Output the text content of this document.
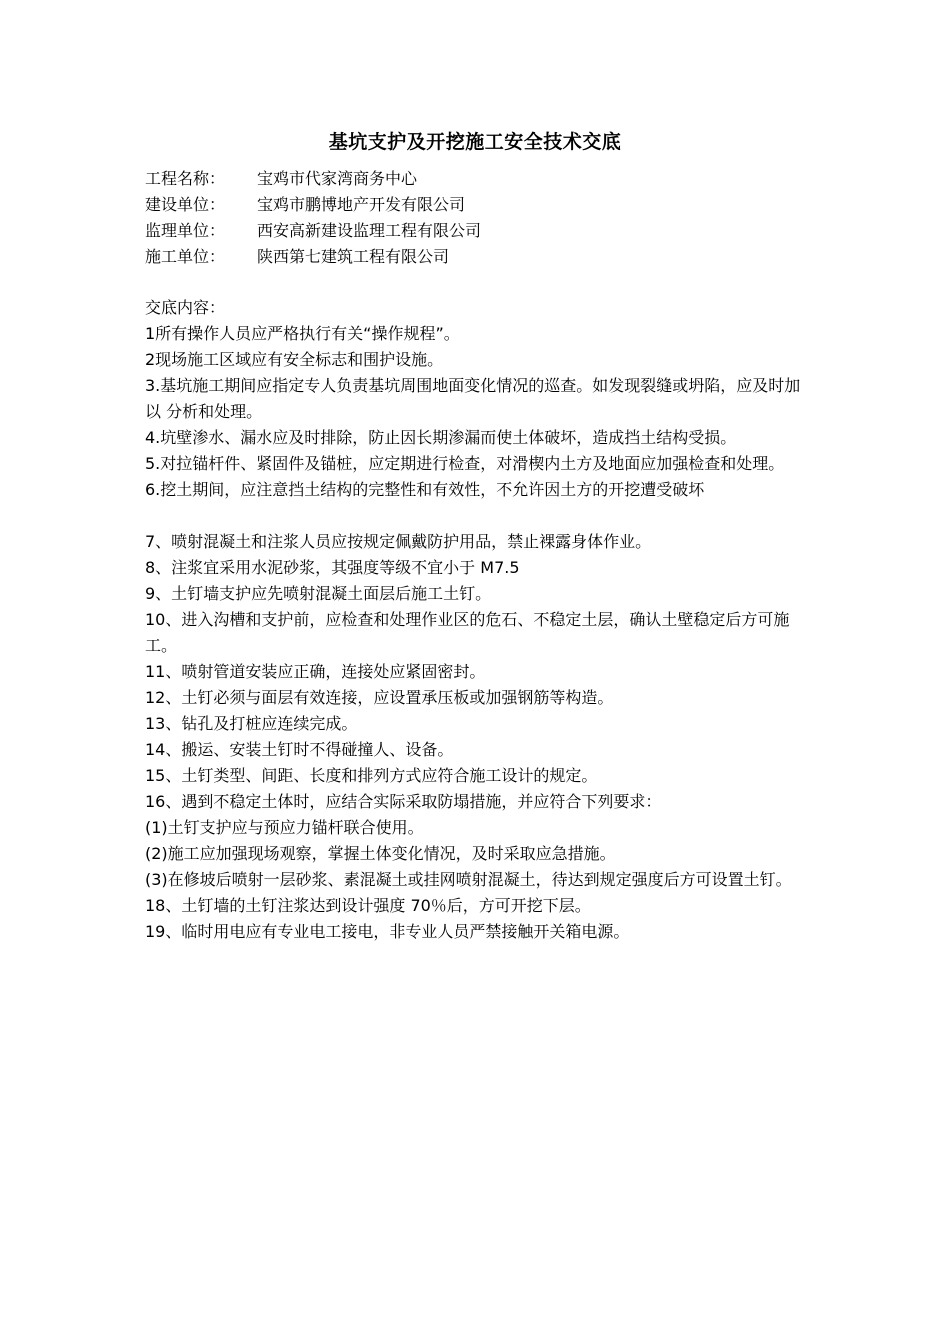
基坑支护及开挖施工安全技术交底
工程名称： 宝鸡市代家湾商务中心
建设单位： 宝鸡市鹏博地产开发有限公司
监理单位： 西安高新建设监理工程有限公司
施工单位： 陕西第七建筑工程有限公司

交底内容：

1所有操作人员应严格执行有关“操作规程”。

2现场施工区域应有安全标志和围护设施。

3.基坑施工期间应指定专人负责基坑周围地面变化情况的巡查。如发现裂缝或坍陷，应及时加以 分析和处理。

4.坑壁渗水、漏水应及时排除，防止因长期渗漏而使土体破坏，造成挡土结构受损。

5.对拉锚杆件、紧固件及锚桩，应定期进行检查，对滑楔内土方及地面应加强检查和处理。

6.挖土期间，应注意挡土结构的完整性和有效性，不允许因土方的开挖遭受破坏

7、喷射混凝土和注浆人员应按规定佩戴防护用品，禁止裸露身体作业。

8、注浆宜采用水泥砂浆，其强度等级不宜小于 M7.5

9、土钉墙支护应先喷射混凝土面层后施工土钉。

10、进入沟槽和支护前，应检查和处理作业区的危石、不稳定土层，确认土壁稳定后方可施工。

11、喷射管道安装应正确，连接处应紧固密封。

12、土钉必须与面层有效连接，应设置承压板或加强钢筋等构造。

13、钻孔及打桩应连续完成。

14、搬运、安装土钉时不得碰撞人、设备。

15、土钉类型、间距、长度和排列方式应符合施工设计的规定。

16、遇到不稳定土体时，应结合实际采取防塌措施，并应符合下列要求：

(1)土钉支护应与预应力锚杆联合使用。

(2)施工应加强现场观察，掌握土体变化情况，及时采取应急措施。

(3)在修坡后喷射一层砂浆、素混凝土或挂网喷射混凝土，待达到规定强度后方可设置土钉。

18、土钉墙的土钉注浆达到设计强度 70％后，方可开挖下层。

19、临时用电应有专业电工接电，非专业人员严禁接触开关箱电源。
